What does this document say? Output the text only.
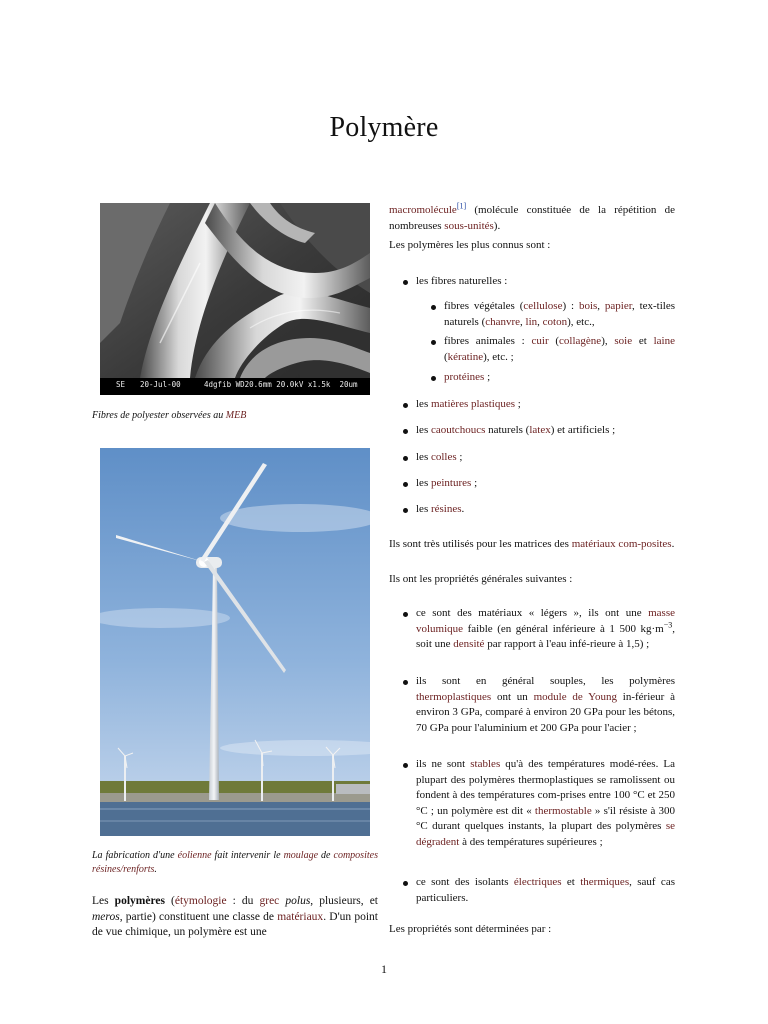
Polymère
SE 20-Jul-00	4dgfib WD20.6mm 20.0kV x1.5k  20um
Fibres de polyester observées au MEB
La fabrication d'une éolienne fait intervenir le moulage de composites résines/renforts.
Les polymères (étymologie : du grec polus, plusieurs, et meros, partie) constituent une classe de matériaux. D'un point de vue chimique, un polymère est une
macromolécule[1] (molécule constituée de la répétition de nombreuses sous-unités).
Les polymères les plus connus sont :
les fibres naturelles :
fibres végétales (cellulose) : bois, papier, tex-tiles naturels (chanvre, lin, coton), etc.,
fibres animales : cuir (collagène), soie et laine (kératine), etc. ;
protéines ;
les matières plastiques ;
les caoutchoucs naturels (latex) et artificiels ;
les colles ;
les peintures ;
les résines.
Ils sont très utilisés pour les matrices des matériaux com-posites.
Ils ont les propriétés générales suivantes :
ce sont des matériaux « légers », ils ont une masse volumique faible (en général inférieure à 1 500 $kg\cdot m^{-3}$, soit une densité par rapport à l'eau infé-rieure à 1,5) ;
ils sont en général souples, les polymères thermoplastiques ont un module de Young in-férieur à environ 3 GPa, comparé à environ 20 GPa pour les bétons, 70 GPa pour l'aluminium et 200 GPa pour l'acier ;
ils ne sont stables qu'à des températures modé-rées. La plupart des polymères thermoplastiques se ramolissent ou fondent à des températures com-prises entre 100 °C et 250 °C ; un polymère est dit « thermostable » s'il résiste à 300 °C durant quelques instants, la plupart des polymères se dégradent à des températures supérieures ;
ce sont des isolants électriques et thermiques, sauf cas particuliers.
Les propriétés sont déterminées par :
1
